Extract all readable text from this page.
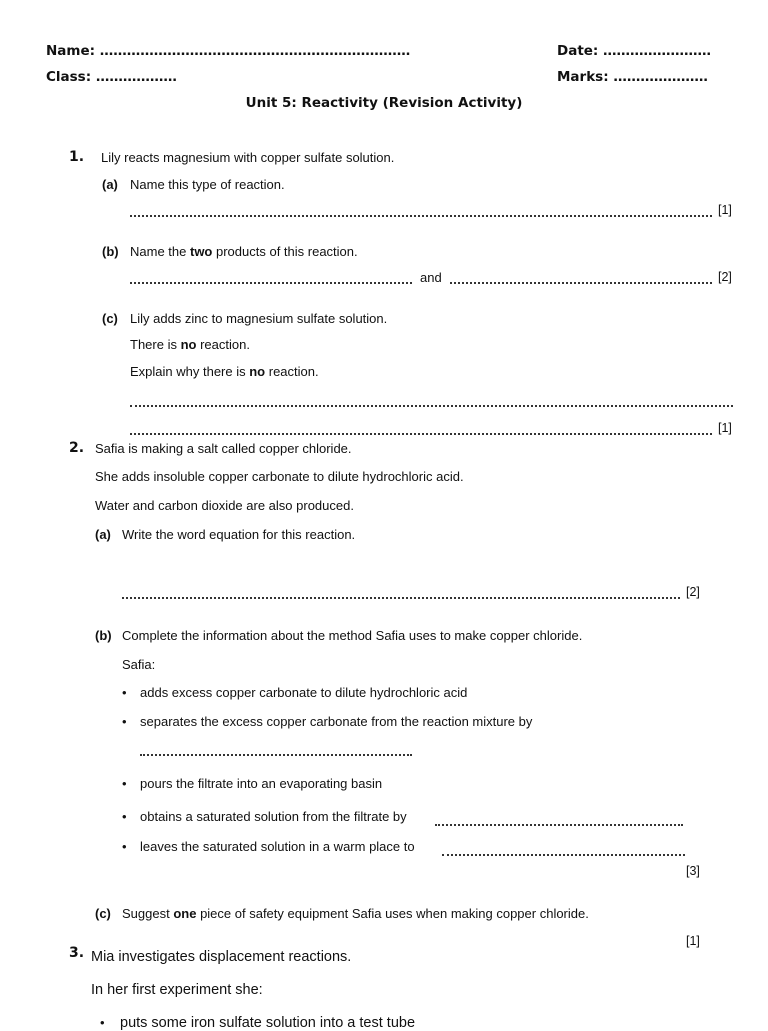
Name: ……………………………………………………………	Date: ……………………
Class: ………………	Marks: …………………
Unit 5: Reactivity (Revision Activity)
1. Lily reacts magnesium with copper sulfate solution.
(a) Name this type of reaction.
[1]
(b) Name the two products of this reaction.
and	[2]
(c) Lily adds zinc to magnesium sulfate solution.
There is no reaction.
Explain why there is no reaction.
[1]
2. Safia is making a salt called copper chloride.
She adds insoluble copper carbonate to dilute hydrochloric acid.
Water and carbon dioxide are also produced.
(a) Write the word equation for this reaction.
[2]
(b) Complete the information about the method Safia uses to make copper chloride.
Safia:
• adds excess copper carbonate to dilute hydrochloric acid
• separates the excess copper carbonate from the reaction mixture by
• pours the filtrate into an evaporating basin
• obtains a saturated solution from the filtrate by
• leaves the saturated solution in a warm place to
[3]
(c) Suggest one piece of safety equipment Safia uses when making copper chloride.
[1]
3. Mia investigates displacement reactions.
In her first experiment she:
• puts some iron sulfate solution into a test tube
